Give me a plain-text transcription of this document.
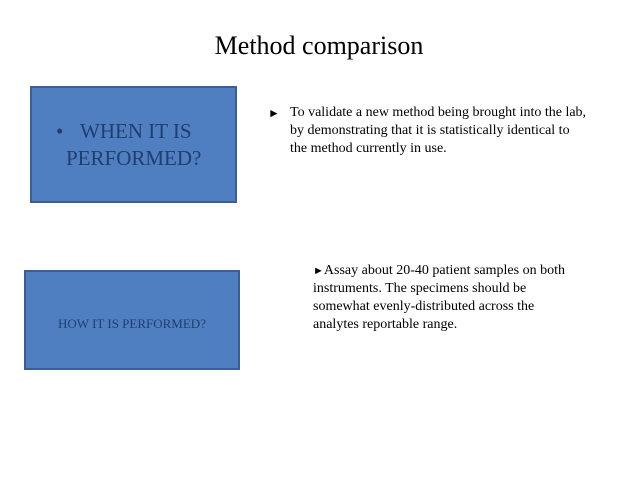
Method comparison
• WHEN IT IS
PERFORMED?
HOW IT IS PERFORMED?
► To validate a new method being brought into the lab, by demonstrating that it is statistically identical to the method currently in use.
►Assay about 20-40 patient samples on both instruments. The specimens should be somewhat evenly-distributed across the analytes reportable range.
